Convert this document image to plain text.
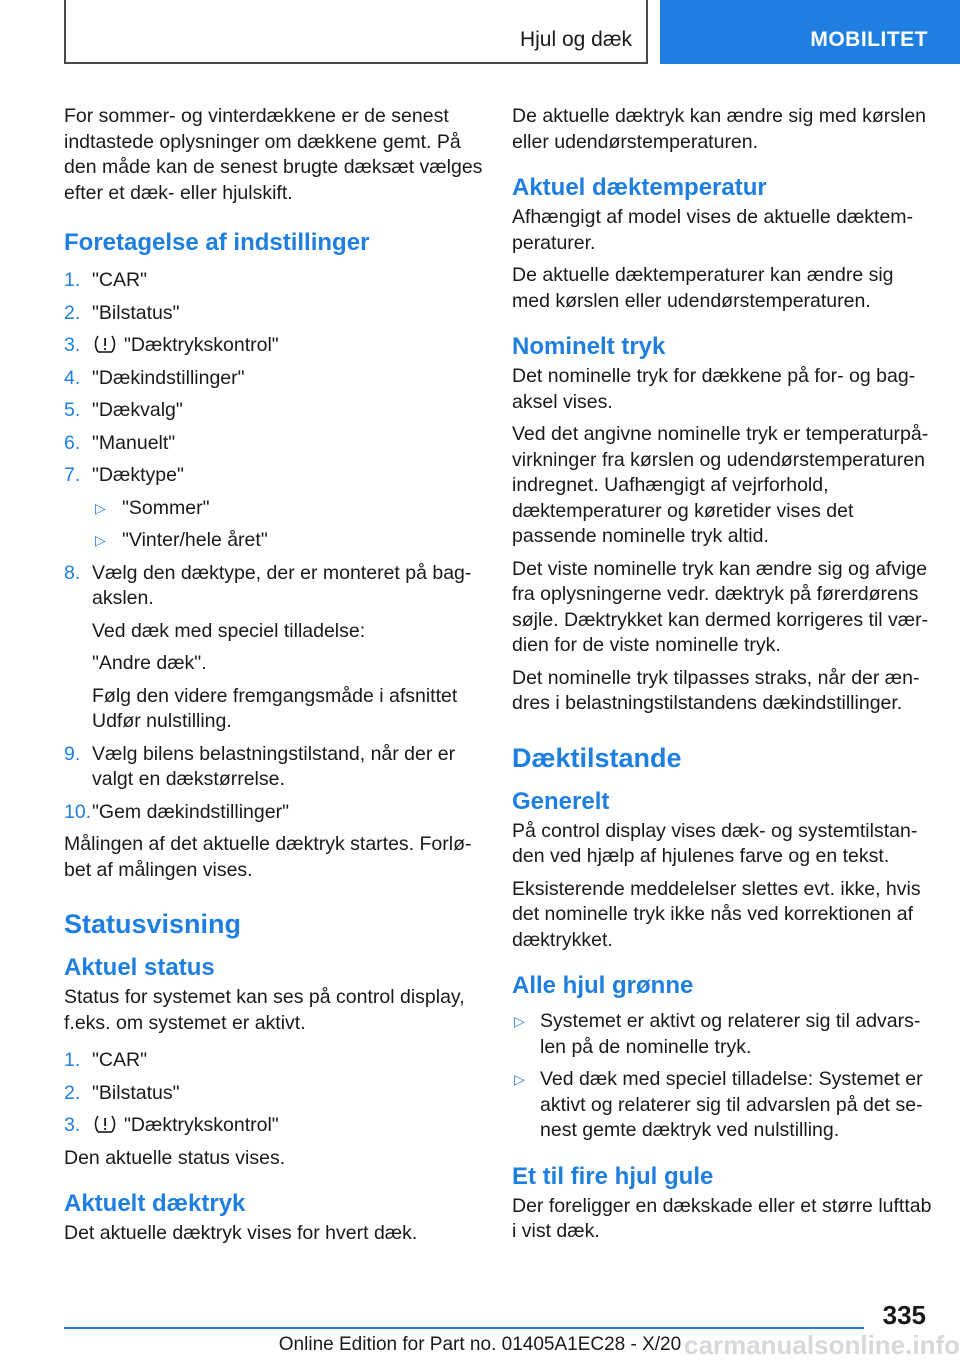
Hjul og dæk	MOBILITET

For sommer- og vinterdækkene er de senest indtastede oplysninger om dækkene gemt. På den måde kan de senest brugte dæksæt vælges efter et dæk- eller hjulskift.

Foretagelse af indstillinger
1. "CAR"
2. "Bilstatus"
3. "Dæktrykskontrol"
4. "Dækindstillinger"
5. "Dækvalg"
6. "Manuelt"
7. "Dæktype"
▷ "Sommer"
▷ "Vinter/hele året"
8. Vælg den dæktype, der er monteret på bagakslen.
Ved dæk med speciel tilladelse:
"Andre dæk".
Følg den videre fremgangsmåde i afsnittet Udfør nulstilling.
9. Vælg bilens belastningstilstand, når der er valgt en dækstørrelse.
10. "Gem dækindstillinger"

Målingen af det aktuelle dæktryk startes. Forløbet af målingen vises.

Statusvisning
Aktuel status

Status for systemet kan ses på control display, f.eks. om systemet er aktivt.

1. "CAR"
2. "Bilstatus"
3. "Dæktrykskontrol"

Den aktuelle status vises.

Aktuelt dæktryk

Det aktuelle dæktryk vises for hvert dæk.

De aktuelle dæktryk kan ændre sig med kørslen eller udendørstemperaturen.

Aktuel dæktemperatur

Afhængigt af model vises de aktuelle dæktemperaturer.

De aktuelle dæktemperaturer kan ændre sig med kørslen eller udendørstemperaturen.

Nominelt tryk

Det nominelle tryk for dækkene på for- og bagaksel vises.

Ved det angivne nominelle tryk er temperaturpåvirkninger fra kørslen og udendørstemperaturen indregnet. Uafhængigt af vejrforhold, dæktemperaturer og køretider vises det passende nominelle tryk altid.

Det viste nominelle tryk kan ændre sig og afvige fra oplysningerne vedr. dæktryk på førerdørens søjle. Dæktrykket kan dermed korrigeres til værdien for de viste nominelle tryk.

Det nominelle tryk tilpasses straks, når der ændres i belastningstilstandens dækindstillinger.

Dæktilstande
Generelt

På control display vises dæk- og systemtilstanden ved hjælp af hjulenes farve og en tekst.

Eksisterende meddelelser slettes evt. ikke, hvis det nominelle tryk ikke nås ved korrektionen af dæktrykket.

Alle hjul grønne
▷ Systemet er aktivt og relaterer sig til advarslen på de nominelle tryk.
▷ Ved dæk med speciel tilladelse: Systemet er aktivt og relaterer sig til advarslen på det senest gemte dæktryk ved nulstilling.
Et til fire hjul gule

Der foreligger en dækskade eller et større lufttab i vist dæk.

335
carmanualsonline.info
Online Edition for Part no. 01405A1EC28 - X/20
